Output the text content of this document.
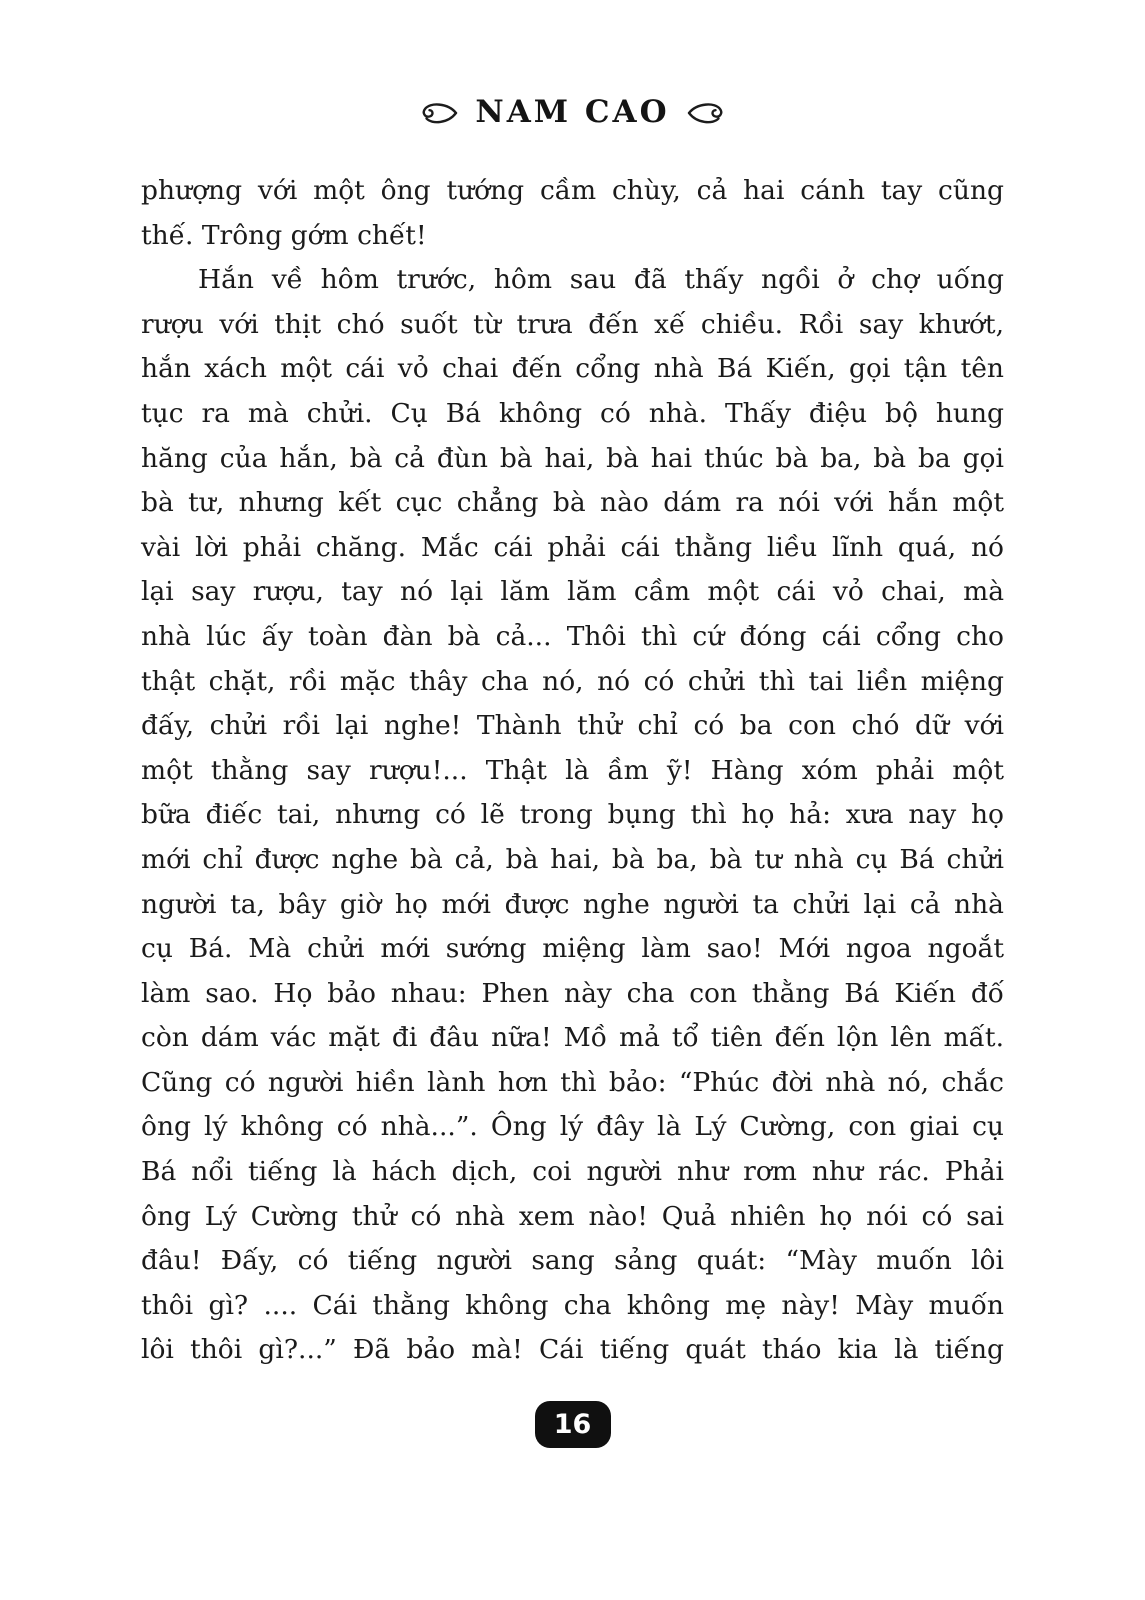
NAM CAO
phượng với một ông tướng cầm chùy, cả hai cánh tay cũng
thế. Trông gớm chết!
Hắn về hôm trước, hôm sau đã thấy ngồi ở chợ uống
rượu với thịt chó suốt từ trưa đến xế chiều. Rồi say khướt,
hắn xách một cái vỏ chai đến cổng nhà Bá Kiến, gọi tận tên
tục ra mà chửi. Cụ Bá không có nhà. Thấy điệu bộ hung
hăng của hắn, bà cả đùn bà hai, bà hai thúc bà ba, bà ba gọi
bà tư, nhưng kết cục chẳng bà nào dám ra nói với hắn một
vài lời phải chăng. Mắc cái phải cái thằng liều lĩnh quá, nó
lại say rượu, tay nó lại lăm lăm cầm một cái vỏ chai, mà
nhà lúc ấy toàn đàn bà cả... Thôi thì cứ đóng cái cổng cho
thật chặt, rồi mặc thây cha nó, nó có chửi thì tai liền miệng
đấy, chửi rồi lại nghe! Thành thử chỉ có ba con chó dữ với
một thằng say rượu!... Thật là ầm ỹ! Hàng xóm phải một
bữa điếc tai, nhưng có lẽ trong bụng thì họ hả: xưa nay họ
mới chỉ được nghe bà cả, bà hai, bà ba, bà tư nhà cụ Bá chửi
người ta, bây giờ họ mới được nghe người ta chửi lại cả nhà
cụ Bá. Mà chửi mới sướng miệng làm sao! Mới ngoa ngoắt
làm sao. Họ bảo nhau: Phen này cha con thằng Bá Kiến đố
còn dám vác mặt đi đâu nữa! Mồ mả tổ tiên đến lộn lên mất.
Cũng có người hiền lành hơn thì bảo: “Phúc đời nhà nó, chắc
ông lý không có nhà...”. Ông lý đây là Lý Cường, con giai cụ
Bá nổi tiếng là hách dịch, coi người như rơm như rác. Phải
ông Lý Cường thử có nhà xem nào! Quả nhiên họ nói có sai
đâu! Đấy, có tiếng người sang sảng quát: “Mày muốn lôi
thôi gì? .... Cái thằng không cha không mẹ này! Mày muốn
lôi thôi gì?...” Đã bảo mà! Cái tiếng quát tháo kia là tiếng
16
